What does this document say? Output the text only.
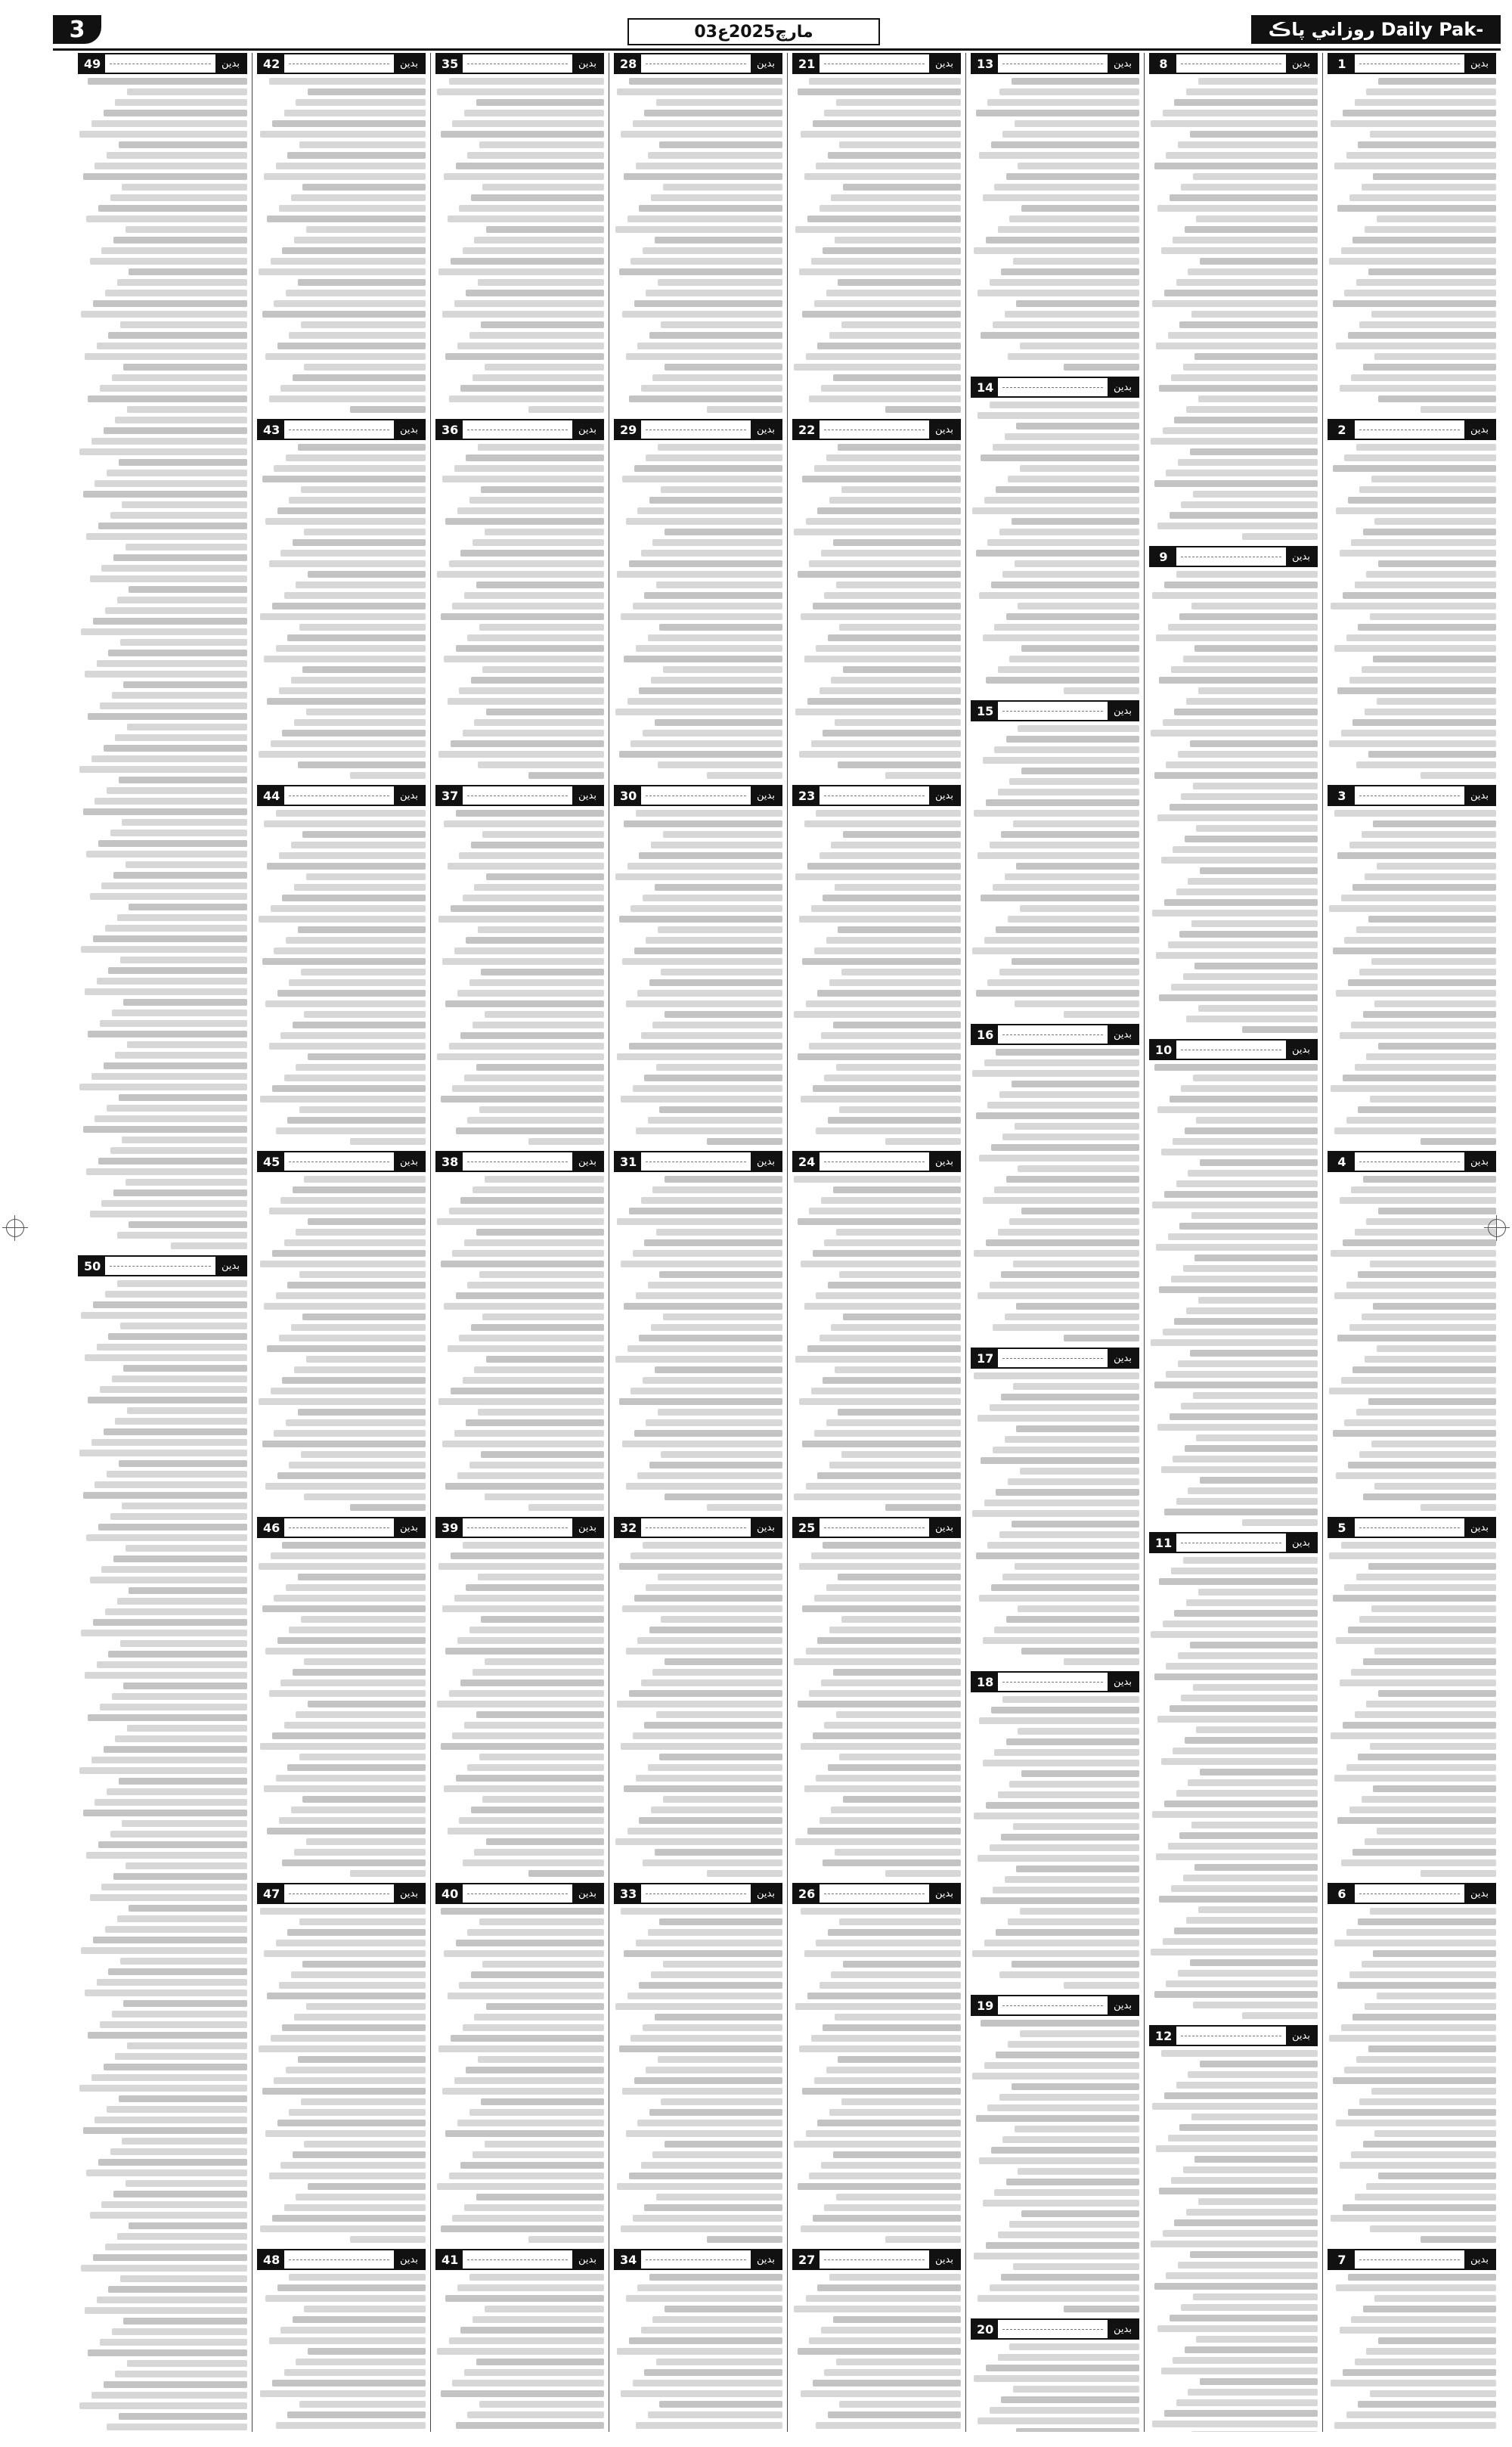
3	03مارچ2025ع	روزاني پاڪ Daily Pak-
1	بدين
2	بدين
3	بدين
4	بدين
5	بدين
6	بدين
7	بدين
8	بدين
9	بدين
10	بدين
11	بدين
12	بدين
13	بدين
14	بدين
15	بدين
16	بدين
17	بدين
18	بدين
19	بدين
20	بدين
21	بدين
22	بدين
23	بدين
24	بدين
25	بدين
26	بدين
27	بدين
28	بدين
29	بدين
30	بدين
31	بدين
32	بدين
33	بدين
34	بدين
35	بدين
36	بدين
37	بدين
38	بدين
39	بدين
40	بدين
41	بدين
42	بدين
43	بدين
44	بدين
45	بدين
46	بدين
47	بدين
48	بدين
49	بدين
50	بدين
